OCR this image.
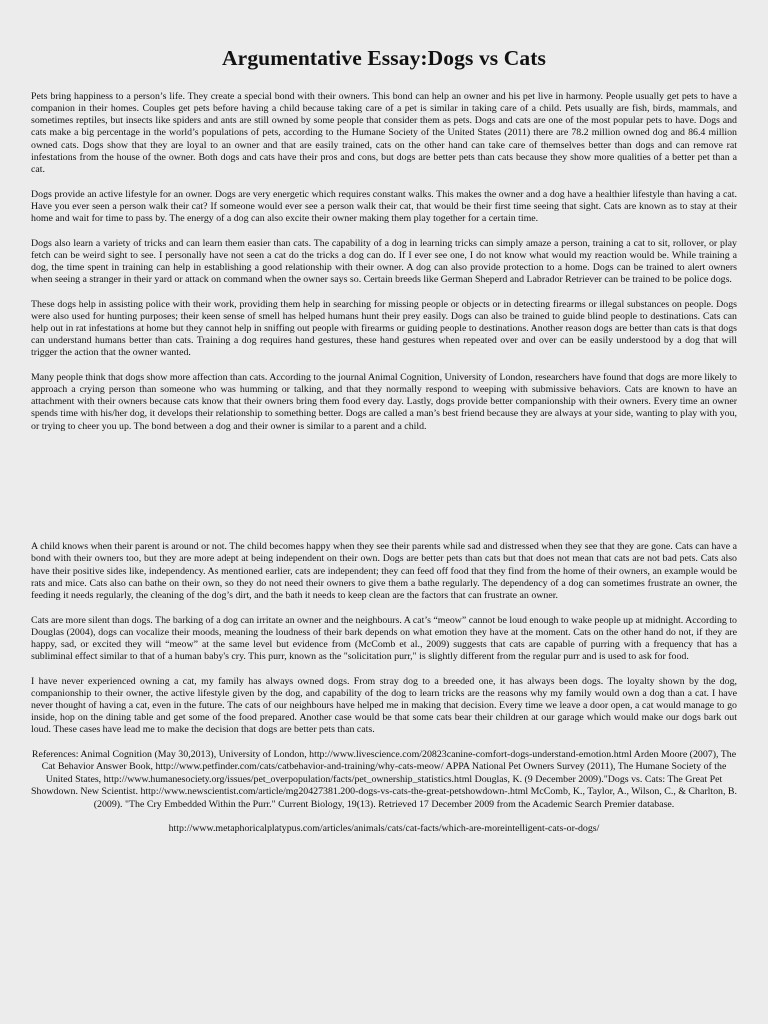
Argumentative Essay:Dogs vs Cats

Pets bring happiness to a person’s life. They create a special bond with their owners. This bond can help an owner and his pet live in harmony. People usually get pets to have a companion in their homes. Couples get pets before having a child because taking care of a pet is similar in taking care of a child. Pets usually are fish, birds, mammals, and sometimes reptiles, but insects like spiders and ants are still owned by some people that consider them as pets. Dogs and cats are one of the most popular pets to have. Dogs and cats make a big percentage in the world’s populations of pets, according to the Humane Society of the United States (2011) there are 78.2 million owned dog and 86.4 million owned cats. Dogs show that they are loyal to an owner and that are easily trained, cats on the other hand can take care of themselves better than dogs and can remove rat infestations from the house of the owner. Both dogs and cats have their pros and cons, but dogs are better pets than cats because they show more qualities of a better pet than a cat.

Dogs provide an active lifestyle for an owner. Dogs are very energetic which requires constant walks. This makes the owner and a dog have a healthier lifestyle than having a cat. Have you ever seen a person walk their cat? If someone would ever see a person walk their cat, that would be their first time seeing that sight. Cats are known as to stay at their home and wait for time to pass by. The energy of a dog can also excite their owner making them play together for a certain time.

Dogs also learn a variety of tricks and can learn them easier than cats. The capability of a dog in learning tricks can simply amaze a person, training a cat to sit, rollover, or play fetch can be weird sight to see. I personally have not seen a cat do the tricks a dog can do. If I ever see one, I do not know what would my reaction would be. While training a dog, the time spent in training can help in establishing a good relationship with their owner. A dog can also provide protection to a home. Dogs can be trained to alert owners when seeing a stranger in their yard or attack on command when the owner says so. Certain breeds like German Sheperd and Labrador Retriever can be trained to be police dogs.

These dogs help in assisting police with their work, providing them help in searching for missing people or objects or in detecting firearms or illegal substances on people. Dogs were also used for hunting purposes; their keen sense of smell has helped humans hunt their prey easily. Dogs can also be trained to guide blind people to destinations. Cats can help out in rat infestations at home but they cannot help in sniffing out people with firearms or guiding people to destinations. Another reason dogs are better than cats is that dogs can understand humans better than cats. Training a dog requires hand gestures, these hand gestures when repeated over and over can be easily understood by a dog that will trigger the action that the owner wanted.

Many people think that dogs show more affection than cats. According to the journal Animal Cognition, University of London, researchers have found that dogs are more likely to approach a crying person than someone who was humming or talking, and that they normally respond to weeping with submissive behaviors. Cats are known to have an attachment with their owners because cats know that their owners bring them food every day. Lastly, dogs provide better companionship with their owners. Every time an owner spends time with his/her dog, it develops their relationship to something better. Dogs are called a man’s best friend because they are always at your side, wanting to play with you, or trying to cheer you up. The bond between a dog and their owner is similar to a parent and a child.

A child knows when their parent is around or not. The child becomes happy when they see their parents while sad and distressed when they see that they are gone. Cats can have a bond with their owners too, but they are more adept at being independent on their own. Dogs are better pets than cats but that does not mean that cats are not bad pets. Cats also have their positive sides like, independency. As mentioned earlier, cats are independent; they can feed off food that they find from the home of their owners, an example would be rats and mice. Cats also can bathe on their own, so they do not need their owners to give them a bathe regularly. The dependency of a dog can sometimes frustrate an owner, the feeding it needs regularly, the cleaning of the dog’s dirt, and the bath it needs to keep clean are the factors that can frustrate an owner.

Cats are more silent than dogs. The barking of a dog can irritate an owner and the neighbours. A cat’s “meow” cannot be loud enough to wake people up at midnight. According to Douglas (2004), dogs can vocalize their moods, meaning the loudness of their bark depends on what emotion they have at the moment. Cats on the other hand do not, if they are happy, sad, or excited they will “meow” at the same level but evidence from (McComb et al., 2009) suggests that cats are capable of purring with a frequency that has a subliminal effect similar to that of a human baby's cry. This purr, known as the "solicitation purr," is slightly different from the regular purr and is used to ask for food.

I have never experienced owning a cat, my family has always owned dogs. From stray dog to a breeded one, it has always been dogs. The loyalty shown by the dog, companionship to their owner, the active lifestyle given by the dog, and capability of the dog to learn tricks are the reasons why my family would own a dog than a cat. I have never thought of having a cat, even in the future. The cats of our neighbours have helped me in making that decision. Every time we leave a door open, a cat would manage to go inside, hop on the dining table and get some of the food prepared. Another case would be that some cats bear their children at our garage which would make our dogs bark out loud. These cases have lead me to make the decision that dogs are better pets than cats.

References: Animal Cognition (May 30,2013), University of London, http://www.livescience.com/20823canine-comfort-dogs-understand-emotion.html Arden Moore (2007), The Cat Behavior Answer Book, http://www.petfinder.com/cats/catbehavior-and-training/why-cats-meow/ APPA National Pet Owners Survey (2011), The Humane Society of the United States, http://www.humanesociety.org/issues/pet_overpopulation/facts/pet_ownership_statistics.html Douglas, K. (9 December 2009)."Dogs vs. Cats: The Great Pet Showdown. New Scientist. http://www.newscientist.com/article/mg20427381.200-dogs-vs-cats-the-great-petshowdown-.html McComb, K., Taylor, A., Wilson, C., & Charlton, B. (2009). "The Cry Embedded Within the Purr." Current Biology, 19(13). Retrieved 17 December 2009 from the Academic Search Premier database.

http://www.metaphoricalplatypus.com/articles/animals/cats/cat-facts/which-are-moreintelligent-cats-or-dogs/
